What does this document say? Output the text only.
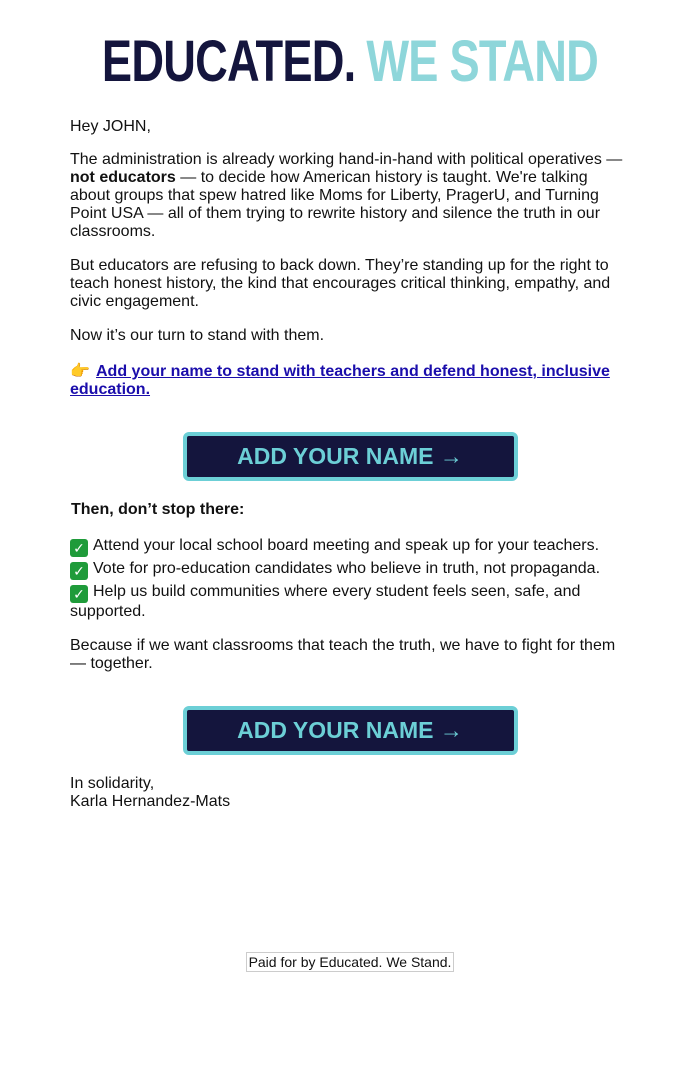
EDUCATED. WE STAND

Hey JOHN,

The administration is already working hand-in-hand with political operatives — not educators — to decide how American history is taught. We're talking about groups that spew hatred like Moms for Liberty, PragerU, and Turning Point USA — all of them trying to rewrite history and silence the truth in our classrooms.

But educators are refusing to back down. They’re standing up for the right to teach honest history, the kind that encourages critical thinking, empathy, and civic engagement.

Now it’s our turn to stand with them.

👉 Add your name to stand with teachers and defend honest, inclusive education.

ADD YOUR NAME →

Then, don’t stop there:

✓ Attend your local school board meeting and speak up for your teachers.
✓ Vote for pro-education candidates who believe in truth, not propaganda.
✓ Help us build communities where every student feels seen, safe, and supported.

Because if we want classrooms that teach the truth, we have to fight for them — together.

ADD YOUR NAME →

In solidarity,
Karla Hernandez-Mats

Paid for by Educated. We Stand.
